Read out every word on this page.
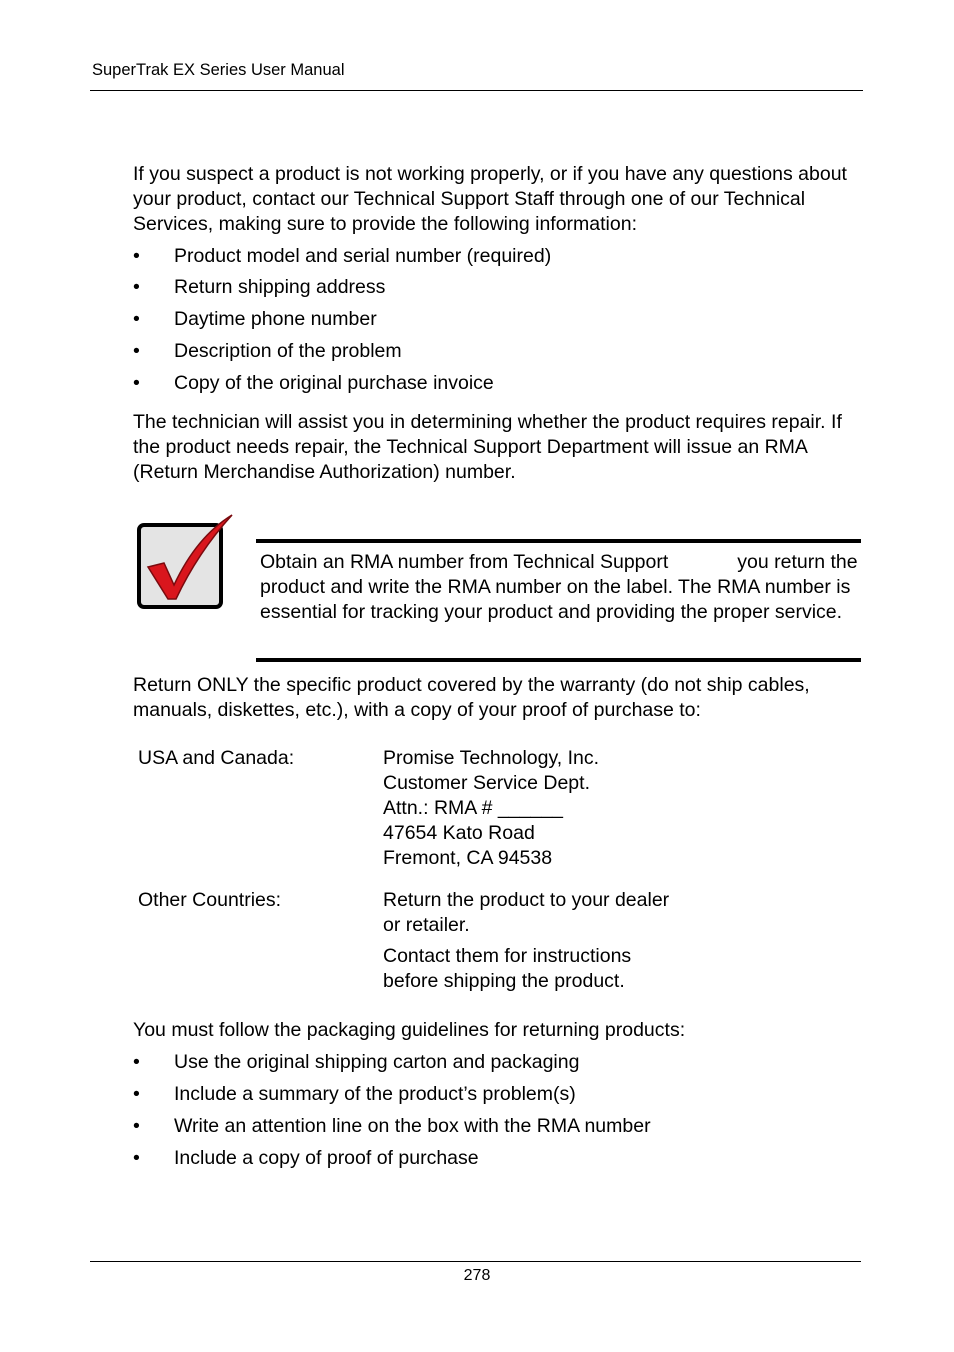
SuperTrak EX Series User Manual

If you suspect a product is not working properly, or if you have any questions about your product, contact our Technical Support Staff through one of our Technical Services, making sure to provide the following information:

• Product model and serial number (required)
• Return shipping address
• Daytime phone number
• Description of the problem
• Copy of the original purchase invoice

The technician will assist you in determining whether the product requires repair. If the product needs repair, the Technical Support Department will issue an RMA (Return Merchandise Authorization) number.

Obtain an RMA number from Technical Support	you return the product and write the RMA number on the label. The RMA number is essential for tracking your product and providing the proper service.

Return ONLY the specific product covered by the warranty (do not ship cables, manuals, diskettes, etc.), with a copy of your proof of purchase to:

USA and Canada:	Promise Technology, Inc.
Customer Service Dept.
Attn.: RMA # ______
47654 Kato Road
Fremont, CA 94538
Other Countries:	Return the product to your dealer
or retailer.
Contact them for instructions
before shipping the product.

You must follow the packaging guidelines for returning products:

• Use the original shipping carton and packaging
• Include a summary of the product’s problem(s)
• Write an attention line on the box with the RMA number
• Include a copy of proof of purchase
278
